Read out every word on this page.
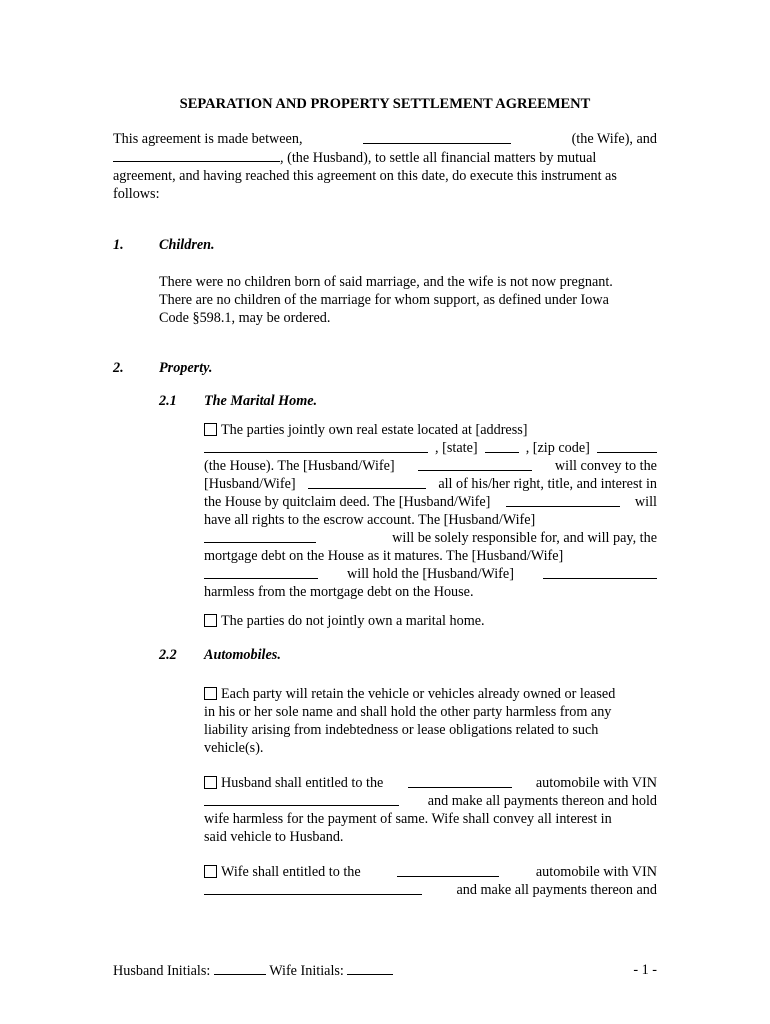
SEPARATION AND PROPERTY SETTLEMENT AGREEMENT
This agreement is made between,	(the Wife), and
, (the Husband), to settle all financial matters by mutual
agreement, and having reached this agreement on this date, do execute this instrument as
follows:
1. Children.
There were no children born of said marriage, and the wife is not now pregnant.
There are no children of the marriage for whom support, as defined under Iowa
Code §598.1, may be ordered.
2. Property.
2.1 The Marital Home.
The parties jointly own real estate located at [address]
, [state]	, [zip code]
(the House). The [Husband/Wife]	will convey to the
[Husband/Wife]	all of his/her right, title, and interest in
the House by quitclaim deed. The [Husband/Wife]	will
have all rights to the escrow account. The [Husband/Wife]
will be solely responsible for, and will pay, the
mortgage debt on the House as it matures. The [Husband/Wife]
will hold the [Husband/Wife]
harmless from the mortgage debt on the House.
The parties do not jointly own a marital home.
2.2 Automobiles.
Each party will retain the vehicle or vehicles already owned or leased
in his or her sole name and shall hold the other party harmless from any
liability arising from indebtedness or lease obligations related to such
vehicle(s).
Husband shall entitled to the	automobile with VIN
and make all payments thereon and hold
wife harmless for the payment of same. Wife shall convey all interest in
said vehicle to Husband.
Wife shall entitled to the	automobile with VIN
and make all payments thereon and
Husband Initials:	Wife Initials:	- 1 -
